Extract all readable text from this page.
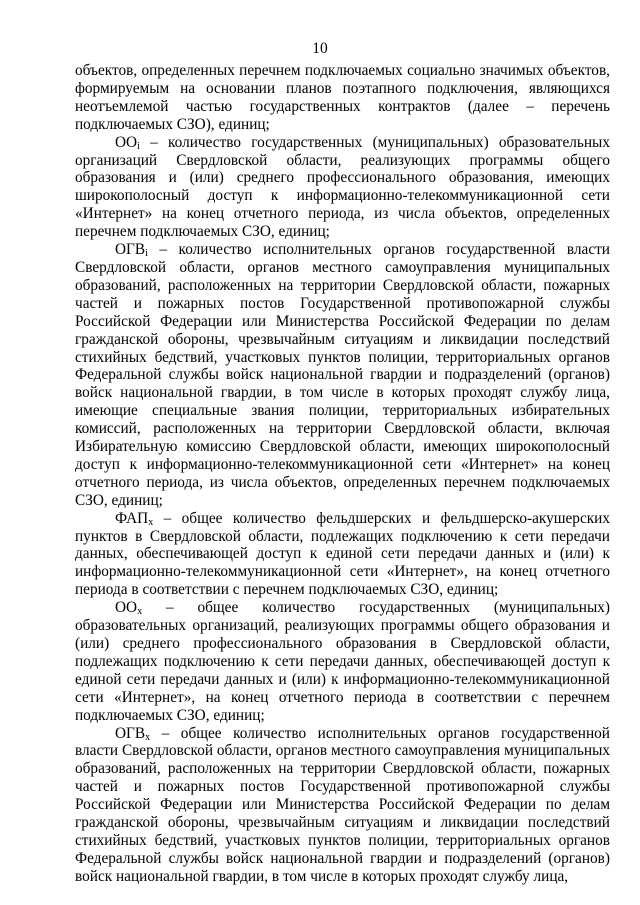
10

объектов, определенных перечнем подключаемых социально значимых объектов, формируемым на основании планов поэтапного подключения, являющихся неотъемлемой частью государственных контрактов (далее – перечень подключаемых СЗО), единиц;

$ОО_i$ – количество государственных (муниципальных) образовательных организаций Свердловской области, реализующих программы общего образования и (или) среднего профессионального образования, имеющих широкополосный доступ к информационно-телекоммуникационной сети «Интернет» на конец отчетного периода, из числа объектов, определенных перечнем подключаемых СЗО, единиц;

$ОГВ_i$ – количество исполнительных органов государственной власти Свердловской области, органов местного самоуправления муниципальных образований, расположенных на территории Свердловской области, пожарных частей и пожарных постов Государственной противопожарной службы Российской Федерации или Министерства Российской Федерации по делам гражданской обороны, чрезвычайным ситуациям и ликвидации последствий стихийных бедствий, участковых пунктов полиции, территориальных органов Федеральной службы войск национальной гвардии и подразделений (органов) войск национальной гвардии, в том числе в которых проходят службу лица, имеющие специальные звания полиции, территориальных избирательных комиссий, расположенных на территории Свердловской области, включая Избирательную комиссию Свердловской области, имеющих широкополосный доступ к информационно-телекоммуникационной сети «Интернет» на конец отчетного периода, из числа объектов, определенных перечнем подключаемых СЗО, единиц;

$ФАП_x$ – общее количество фельдшерских и фельдшерско-акушерских пунктов в Свердловской области, подлежащих подключению к сети передачи данных, обеспечивающей доступ к единой сети передачи данных и (или) к информационно-телекоммуникационной сети «Интернет», на конец отчетного периода в соответствии с перечнем подключаемых СЗО, единиц;

$ОО_x$ – общее количество государственных (муниципальных) образовательных организаций, реализующих программы общего образования и (или) среднего профессионального образования в Свердловской области, подлежащих подключению к сети передачи данных, обеспечивающей доступ к единой сети передачи данных и (или) к информационно-телекоммуникационной сети «Интернет», на конец отчетного периода в соответствии с перечнем подключаемых СЗО, единиц;

$ОГВ_x$ – общее количество исполнительных органов государственной власти Свердловской области, органов местного самоуправления муниципальных образований, расположенных на территории Свердловской области, пожарных частей и пожарных постов Государственной противопожарной службы Российской Федерации или Министерства Российской Федерации по делам гражданской обороны, чрезвычайным ситуациям и ликвидации последствий стихийных бедствий, участковых пунктов полиции, территориальных органов Федеральной службы войск национальной гвардии и подразделений (органов) войск национальной гвардии, в том числе в которых проходят службу лица,
